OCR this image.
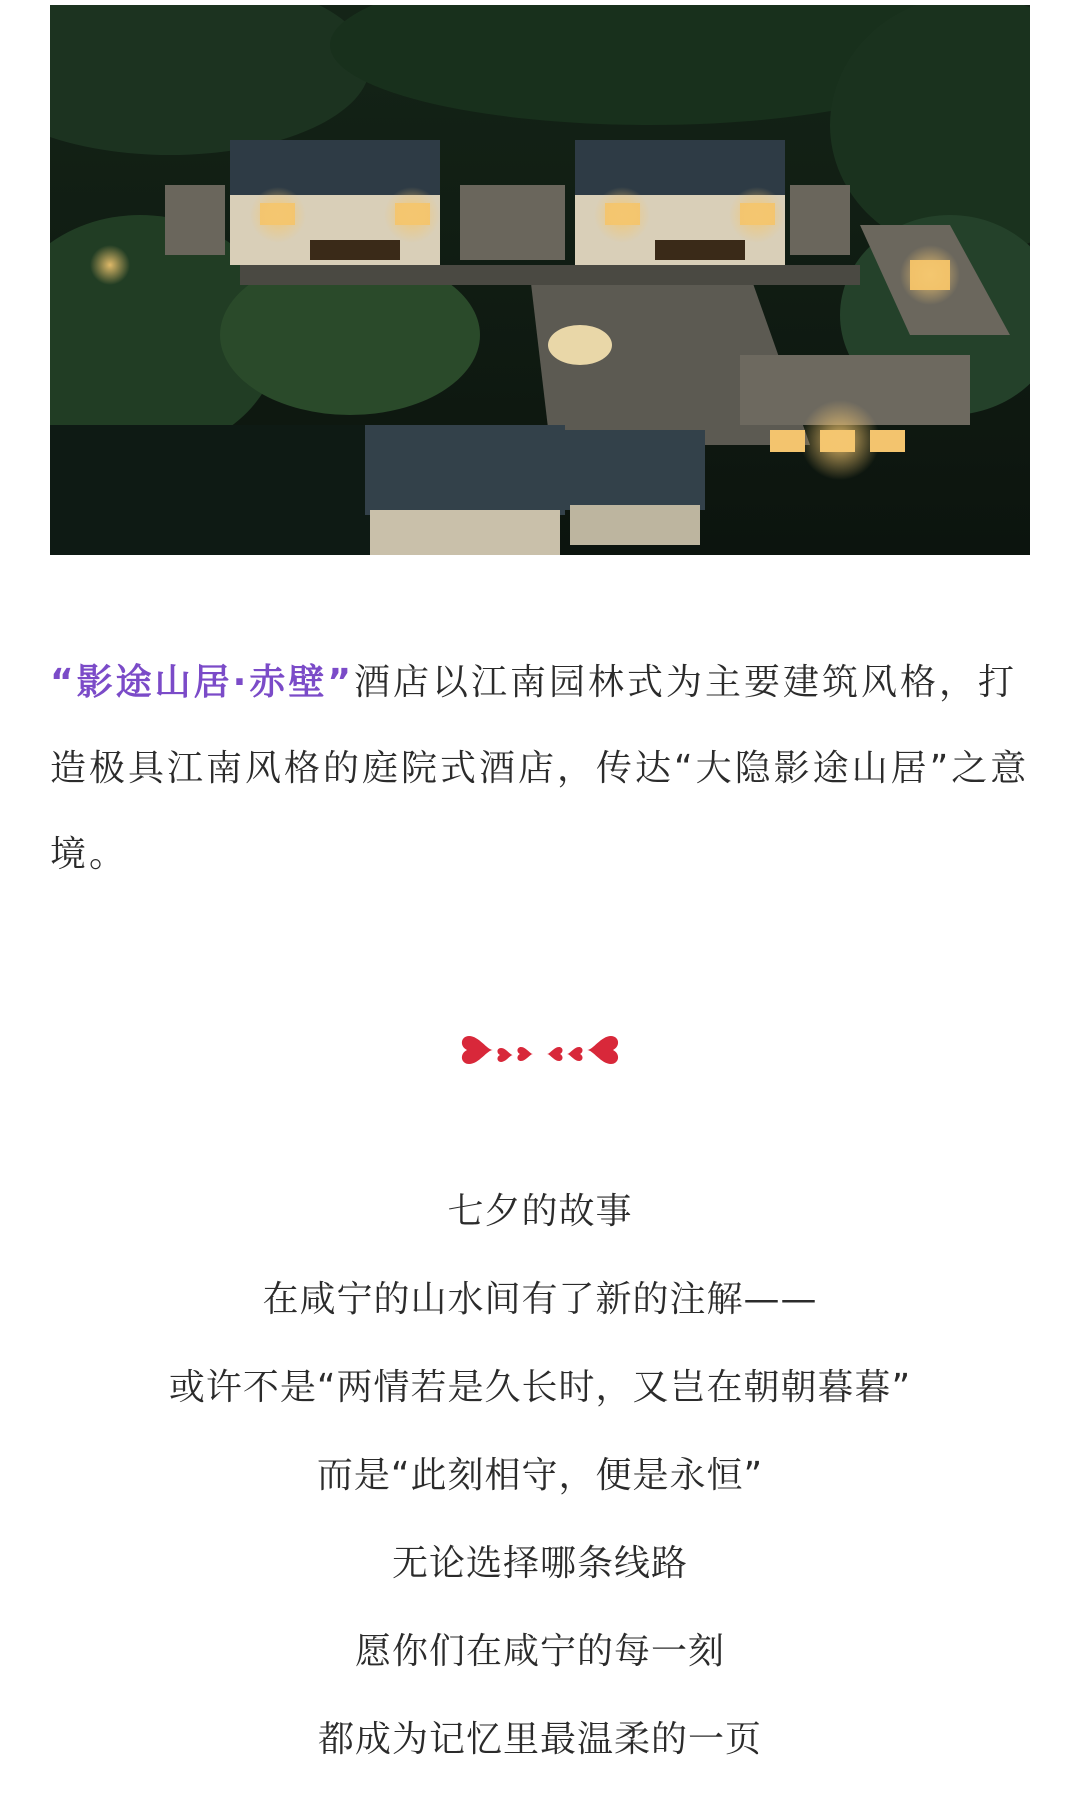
“影途山居·赤壁”酒店以江南园林式为主要建筑风格，打造极具江南风格的庭院式酒店，传达“大隐影途山居”之意境。

七夕的故事
在咸宁的山水间有了新的注解——
或许不是“两情若是久长时，又岂在朝朝暮暮”
而是“此刻相守，便是永恒”
无论选择哪条线路
愿你们在咸宁的每一刻
都成为记忆里最温柔的一页
